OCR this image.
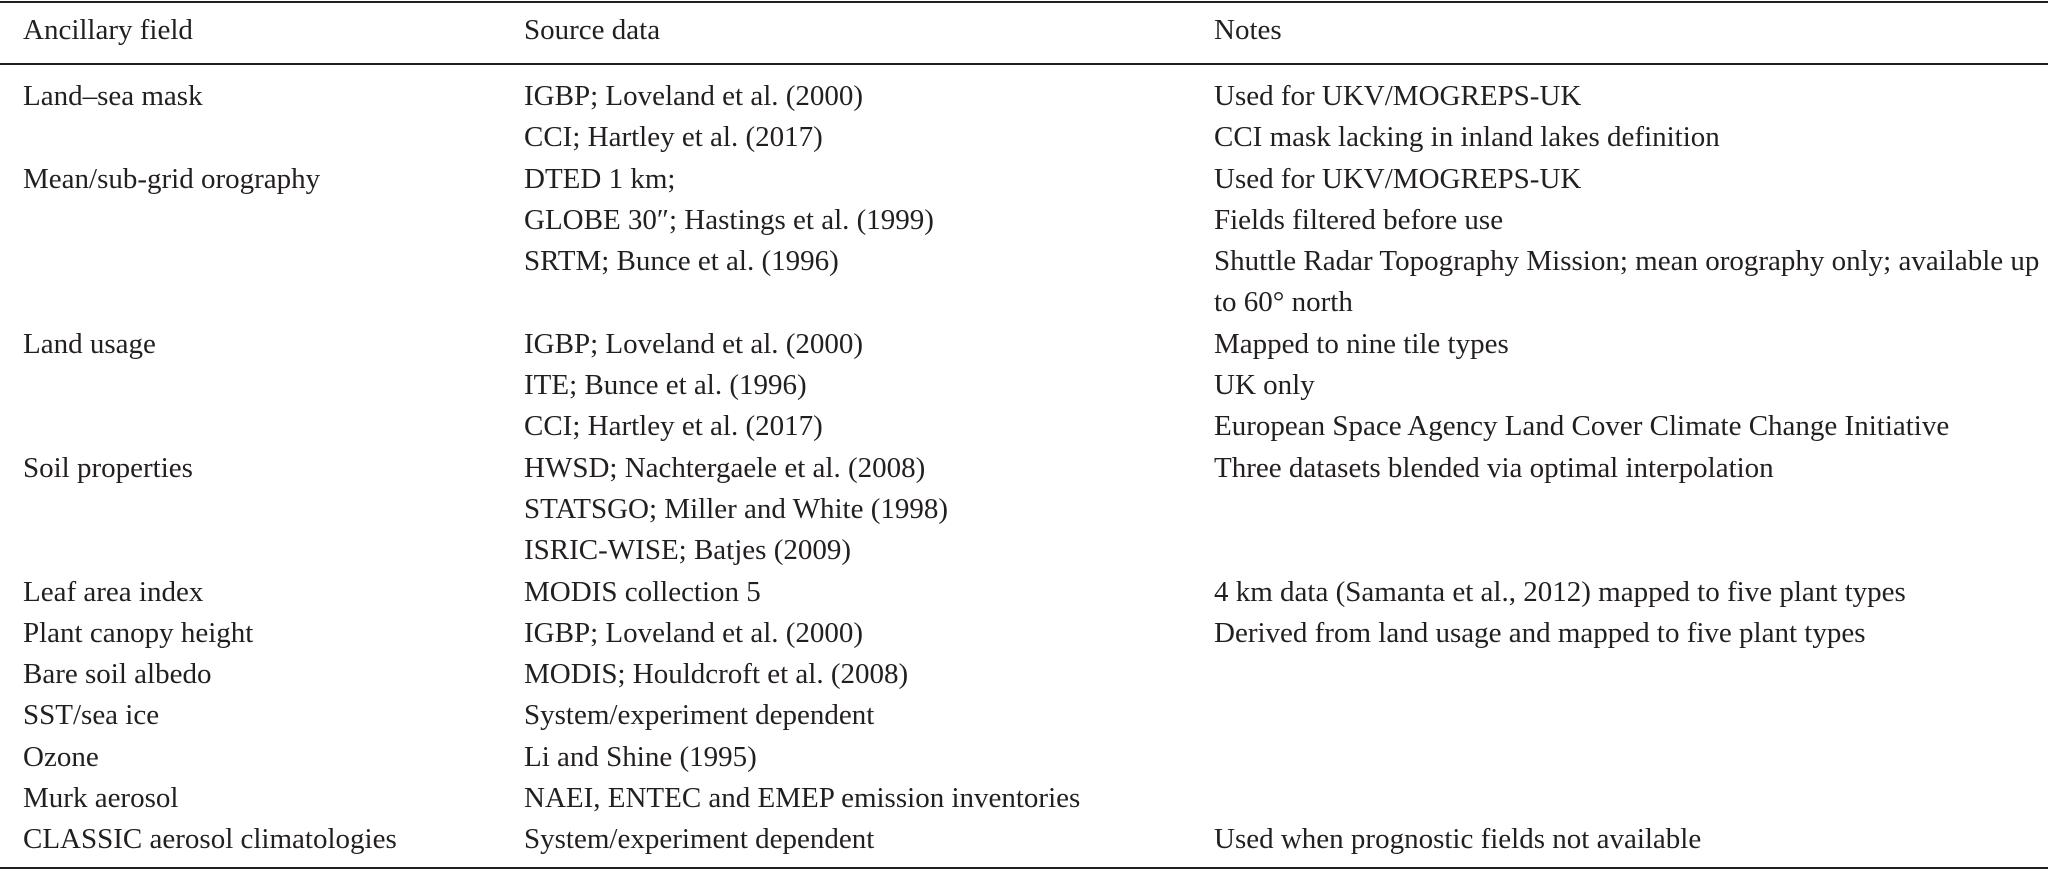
Ancillary field	Source data	Notes
Land–sea mask	IGBP; Loveland et al. (2000)	Used for UKV/MOGREPS-UK
	CCI; Hartley et al. (2017)	CCI mask lacking in inland lakes definition
Mean/sub-grid orography	DTED 1 km;	Used for UKV/MOGREPS-UK
	GLOBE 30″; Hastings et al. (1999)	Fields filtered before use
	SRTM; Bunce et al. (1996)	Shuttle Radar Topography Mission; mean orography only; available up to 60° north
Land usage	IGBP; Loveland et al. (2000)	Mapped to nine tile types
	ITE; Bunce et al. (1996)	UK only
	CCI; Hartley et al. (2017)	European Space Agency Land Cover Climate Change Initiative
Soil properties	HWSD; Nachtergaele et al. (2008)	Three datasets blended via optimal interpolation
	STATSGO; Miller and White (1998)	
	ISRIC-WISE; Batjes (2009)	
Leaf area index	MODIS collection 5	4 km data (Samanta et al., 2012) mapped to five plant types
Plant canopy height	IGBP; Loveland et al. (2000)	Derived from land usage and mapped to five plant types
Bare soil albedo	MODIS; Houldcroft et al. (2008)	
SST/sea ice	System/experiment dependent	
Ozone	Li and Shine (1995)	
Murk aerosol	NAEI, ENTEC and EMEP emission inventories	
CLASSIC aerosol climatologies	System/experiment dependent	Used when prognostic fields not available
